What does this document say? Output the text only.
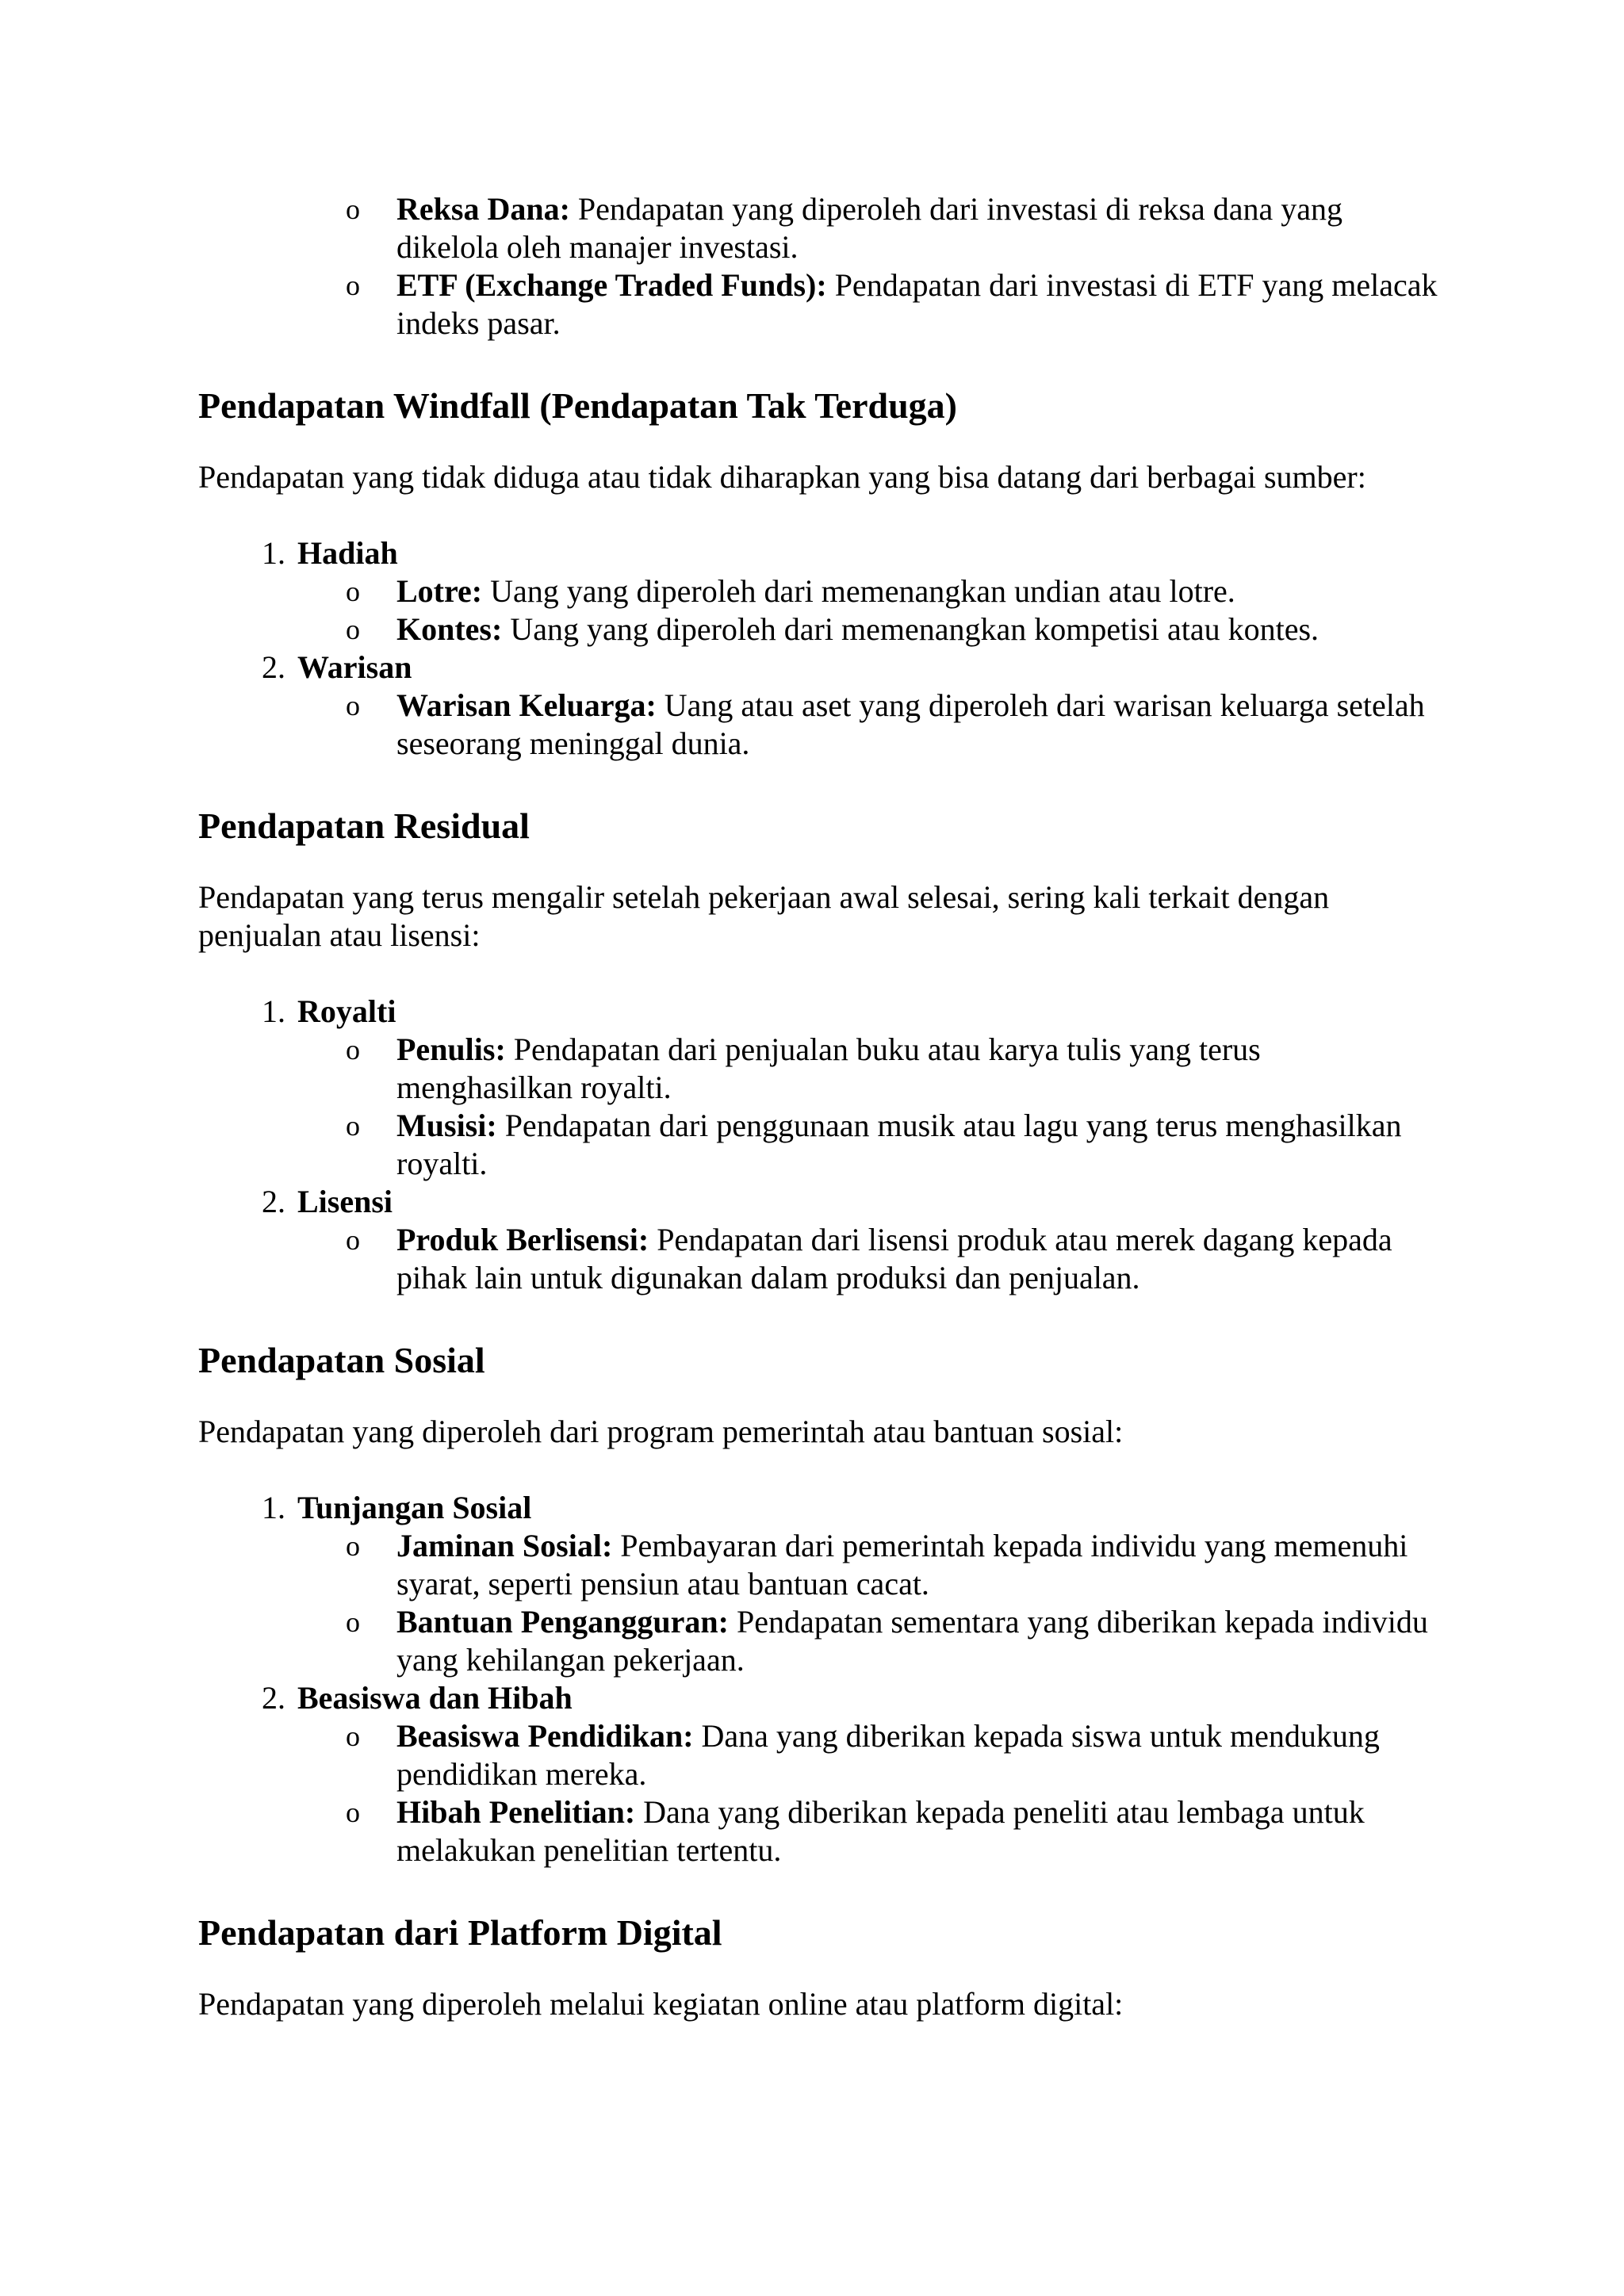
o Reksa Dana: Pendapatan yang diperoleh dari investasi di reksa dana yang dikelola oleh manajer investasi.
o ETF (Exchange Traded Funds): Pendapatan dari investasi di ETF yang melacak indeks pasar.
Pendapatan Windfall (Pendapatan Tak Terduga)

Pendapatan yang tidak diduga atau tidak diharapkan yang bisa datang dari berbagai sumber:

1. Hadiah
o Lotre: Uang yang diperoleh dari memenangkan undian atau lotre.
o Kontes: Uang yang diperoleh dari memenangkan kompetisi atau kontes.
2. Warisan
o Warisan Keluarga: Uang atau aset yang diperoleh dari warisan keluarga setelah seseorang meninggal dunia.
Pendapatan Residual

Pendapatan yang terus mengalir setelah pekerjaan awal selesai, sering kali terkait dengan penjualan atau lisensi:

1. Royalti
o Penulis: Pendapatan dari penjualan buku atau karya tulis yang terus menghasilkan royalti.
o Musisi: Pendapatan dari penggunaan musik atau lagu yang terus menghasilkan royalti.
2. Lisensi
o Produk Berlisensi: Pendapatan dari lisensi produk atau merek dagang kepada pihak lain untuk digunakan dalam produksi dan penjualan.
Pendapatan Sosial

Pendapatan yang diperoleh dari program pemerintah atau bantuan sosial:

1. Tunjangan Sosial
o Jaminan Sosial: Pembayaran dari pemerintah kepada individu yang memenuhi syarat, seperti pensiun atau bantuan cacat.
o Bantuan Pengangguran: Pendapatan sementara yang diberikan kepada individu yang kehilangan pekerjaan.
2. Beasiswa dan Hibah
o Beasiswa Pendidikan: Dana yang diberikan kepada siswa untuk mendukung pendidikan mereka.
o Hibah Penelitian: Dana yang diberikan kepada peneliti atau lembaga untuk melakukan penelitian tertentu.
Pendapatan dari Platform Digital

Pendapatan yang diperoleh melalui kegiatan online atau platform digital:
